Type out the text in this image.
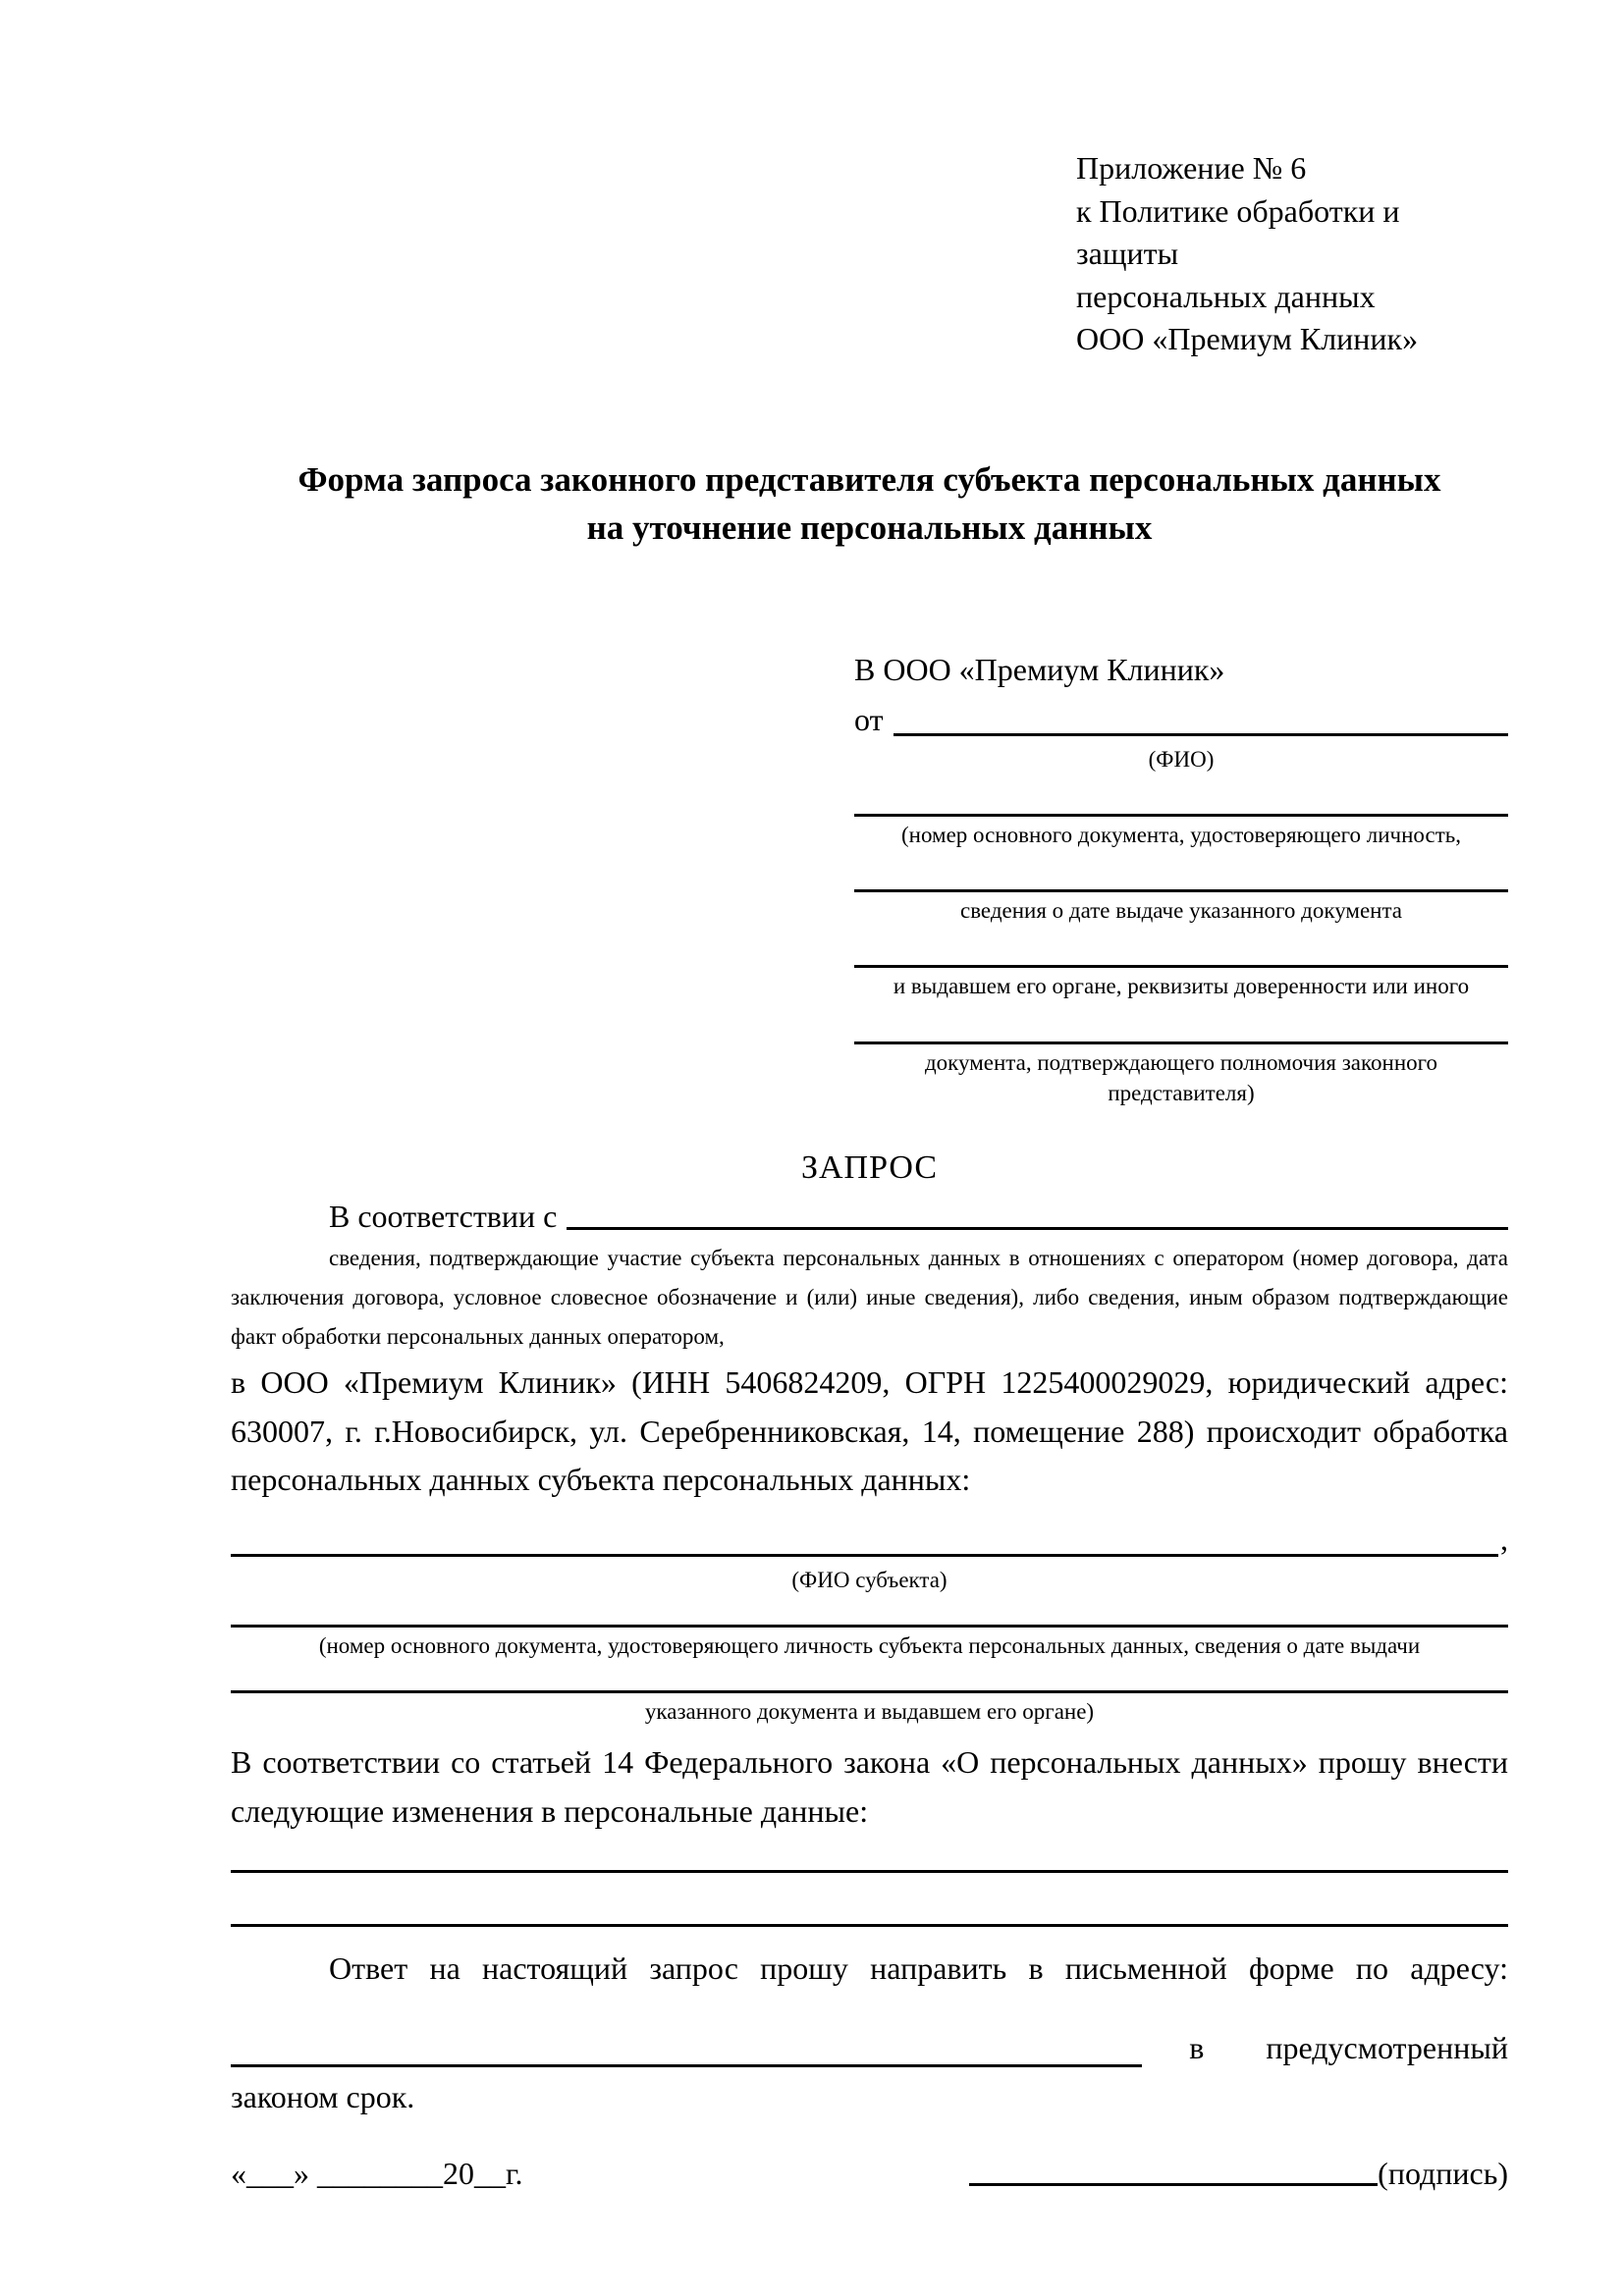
Приложение № 6
к Политике обработки и защиты
персональных данных
ООО «Премиум Клиник»
Форма запроса законного представителя субъекта персональных данных
на уточнение персональных данных
В ООО «Премиум Клиник»
от
(ФИО)
(номер основного документа, удостоверяющего личность,
сведения о дате выдаче указанного документа
и выдавшем его органе, реквизиты доверенности или иного
документа, подтверждающего полномочия законного представителя)
ЗАПРОС
В соответствии с

сведения, подтверждающие участие субъекта персональных данных в отношениях с оператором (номер договора, дата заключения договора, условное словесное обозначение и (или) иные сведения), либо сведения, иным образом подтверждающие факт обработки персональных данных оператором,

в ООО «Премиум Клиник» (ИНН 5406824209, ОГРН 1225400029029, юридический адрес: 630007, г. г.Новосибирск, ул. Серебренниковская, 14, помещение 288) происходит обработка персональных данных субъекта персональных данных:

,
(ФИО субъекта)
(номер основного документа, удостоверяющего личность субъекта персональных данных, сведения о дате выдачи
указанного документа и выдавшем его органе)

В соответствии со статьей 14 Федерального закона «О персональных данных» прошу внести следующие изменения в персональные данные:

Ответ на настоящий запрос прошу направить в письменной форме по адресу:

в предусмотренный
законом срок.
«___» ________20__г.	(подпись)
